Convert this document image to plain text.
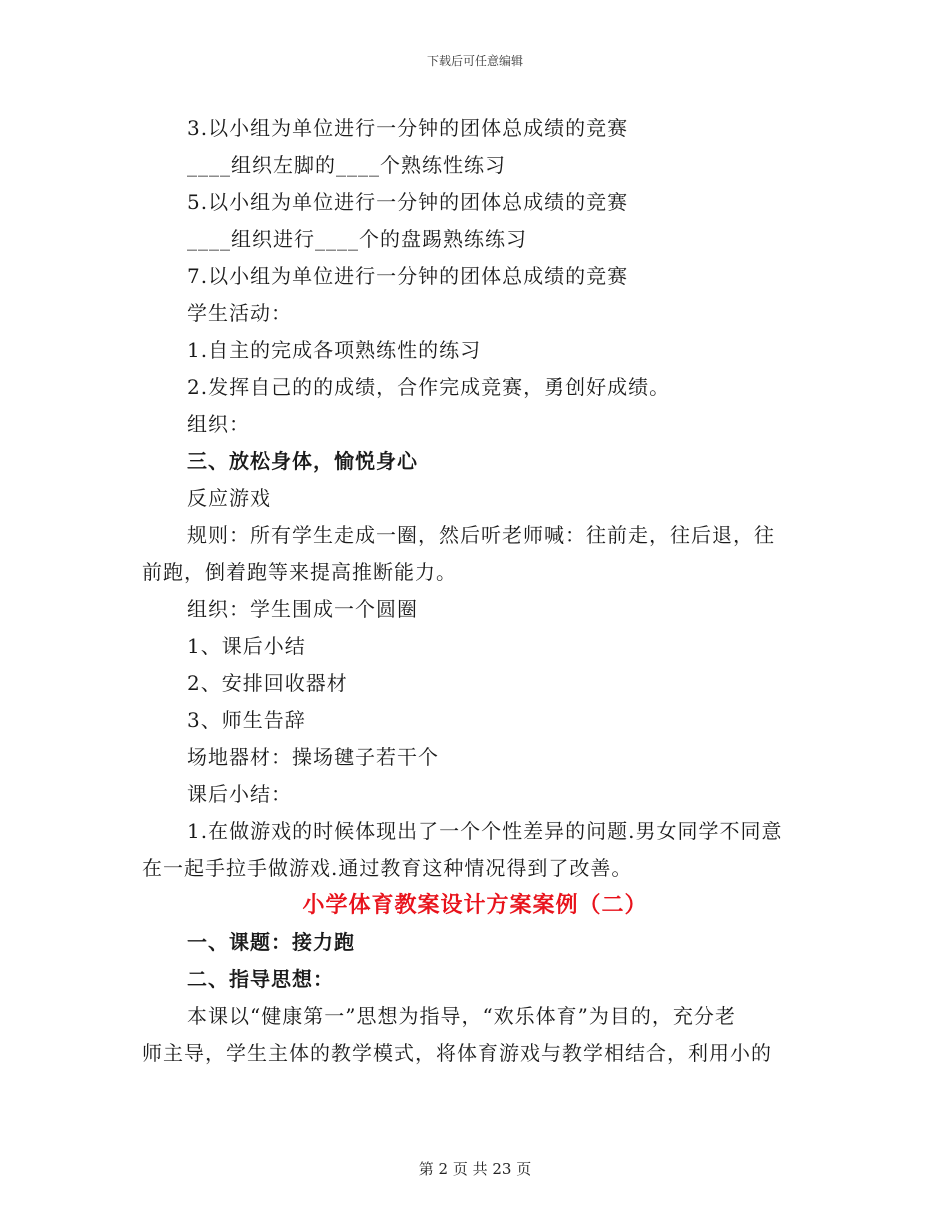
下载后可任意编辑
3.以小组为单位进行一分钟的团体总成绩的竞赛
____组织左脚的____个熟练性练习
5.以小组为单位进行一分钟的团体总成绩的竞赛
____组织进行____个的盘踢熟练练习
7.以小组为单位进行一分钟的团体总成绩的竞赛
学生活动：
1.自主的完成各项熟练性的练习
2.发挥自己的的成绩，合作完成竞赛，勇创好成绩。
组织：
三、放松身体，愉悦身心
反应游戏
规则：所有学生走成一圈，然后听老师喊：往前走，往后退，往
前跑，倒着跑等来提高推断能力。
组织：学生围成一个圆圈
1、课后小结
2、安排回收器材
3、师生告辞
场地器材：操场毽子若干个
课后小结：
1.在做游戏的时候体现出了一个个性差异的问题.男女同学不同意
在一起手拉手做游戏.通过教育这种情况得到了改善。
小学体育教案设计方案案例（二）
一、课题：接力跑
二、指导思想：
本课以“健康第一”思想为指导，“欢乐体育”为目的，充分老
师主导，学生主体的教学模式，将体育游戏与教学相结合，利用小的
第 2 页 共 23 页
